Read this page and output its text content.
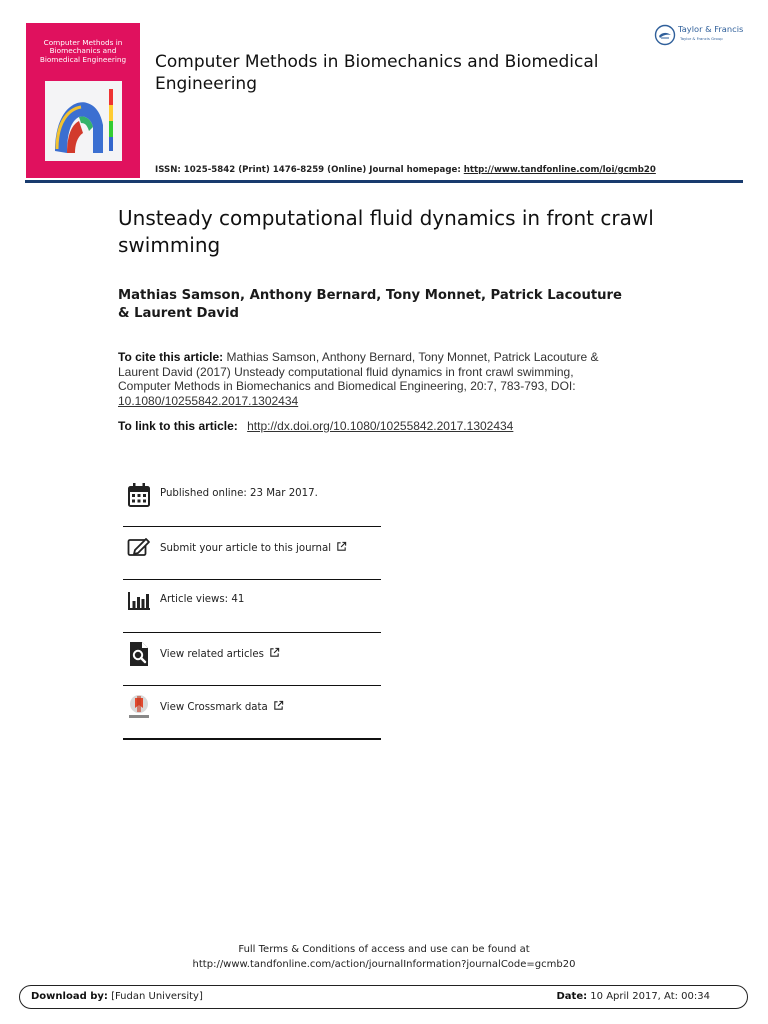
Computer Methods in Biomechanics and Biomedical Engineering	Computer Methods in Biomechanics and Biomedical Engineering
Taylor & Francis
Taylor & Francis Group
ISSN: 1025-5842 (Print) 1476-8259 (Online) Journal homepage: http://www.tandfonline.com/loi/gcmb20
Unsteady computational fluid dynamics in front crawl swimming
Mathias Samson, Anthony Bernard, Tony Monnet, Patrick Lacouture & Laurent David
To cite this article: Mathias Samson, Anthony Bernard, Tony Monnet, Patrick Lacouture & Laurent David (2017) Unsteady computational fluid dynamics in front crawl swimming, Computer Methods in Biomechanics and Biomedical Engineering, 20:7, 783-793, DOI: 10.1080/10255842.2017.1302434
To link to this article: http://dx.doi.org/10.1080/10255842.2017.1302434
Published online: 23 Mar 2017.
Submit your article to this journal
Article views: 41
View related articles
View Crossmark data
Full Terms & Conditions of access and use can be found at
http://www.tandfonline.com/action/journalInformation?journalCode=gcmb20
Download by: [Fudan University]	Date: 10 April 2017, At: 00:34
